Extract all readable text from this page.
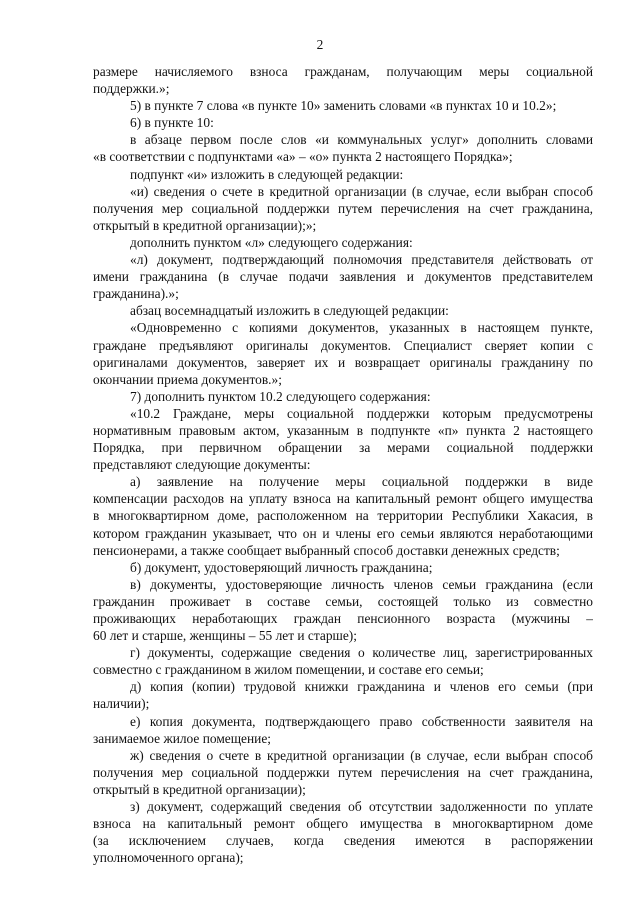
2
размере начисляемого взноса гражданам, получающим меры социальной
поддержки.»;
5) в пункте 7 слова «в пункте 10» заменить словами «в пунктах 10 и 10.2»;
6) в пункте 10:
в абзаце первом после слов «и коммунальных услуг» дополнить словами
«в соответствии с подпунктами «а» – «о» пункта 2 настоящего Порядка»;
подпункт «и» изложить в следующей редакции:
«и) сведения о счете в кредитной организации (в случае, если выбран способ
получения мер социальной поддержки путем перечисления на счет гражданина,
открытый в кредитной организации);»;
дополнить пунктом «л» следующего содержания:
«л) документ, подтверждающий полномочия представителя действовать от
имени гражданина (в случае подачи заявления и документов представителем
гражданина).»;
абзац восемнадцатый изложить в следующей редакции:
«Одновременно с копиями документов, указанных в настоящем пункте,
граждане предъявляют оригиналы документов. Специалист сверяет копии с
оригиналами документов, заверяет их и возвращает оригиналы гражданину по
окончании приема документов.»;
7) дополнить пунктом 10.2 следующего содержания:
«10.2 Граждане, меры социальной поддержки которым предусмотрены
нормативным правовым актом, указанным в подпункте «п» пункта 2 настоящего
Порядка, при первичном обращении за мерами социальной поддержки
представляют следующие документы:
а) заявление на получение меры социальной поддержки в виде
компенсации расходов на уплату взноса на капитальный ремонт общего имущества
в многоквартирном доме, расположенном на территории Республики Хакасия, в
котором гражданин указывает, что он и члены его семьи являются неработающими
пенсионерами, а также сообщает выбранный способ доставки денежных средств;
б) документ, удостоверяющий личность гражданина;
в) документы, удостоверяющие личность членов семьи гражданина (если
гражданин проживает в составе семьи, состоящей только из совместно
проживающих неработающих граждан пенсионного возраста (мужчины –
60 лет и старше, женщины – 55 лет и старше);
г) документы, содержащие сведения о количестве лиц, зарегистрированных
совместно с гражданином в жилом помещении, и составе его семьи;
д) копия (копии) трудовой книжки гражданина и членов его семьи (при
наличии);
е) копия документа, подтверждающего право собственности заявителя на
занимаемое жилое помещение;
ж) сведения о счете в кредитной организации (в случае, если выбран способ
получения мер социальной поддержки путем перечисления на счет гражданина,
открытый в кредитной организации);
з) документ, содержащий сведения об отсутствии задолженности по уплате
взноса на капитальный ремонт общего имущества в многоквартирном доме
(за исключением случаев, когда сведения имеются в распоряжении
уполномоченного органа);
